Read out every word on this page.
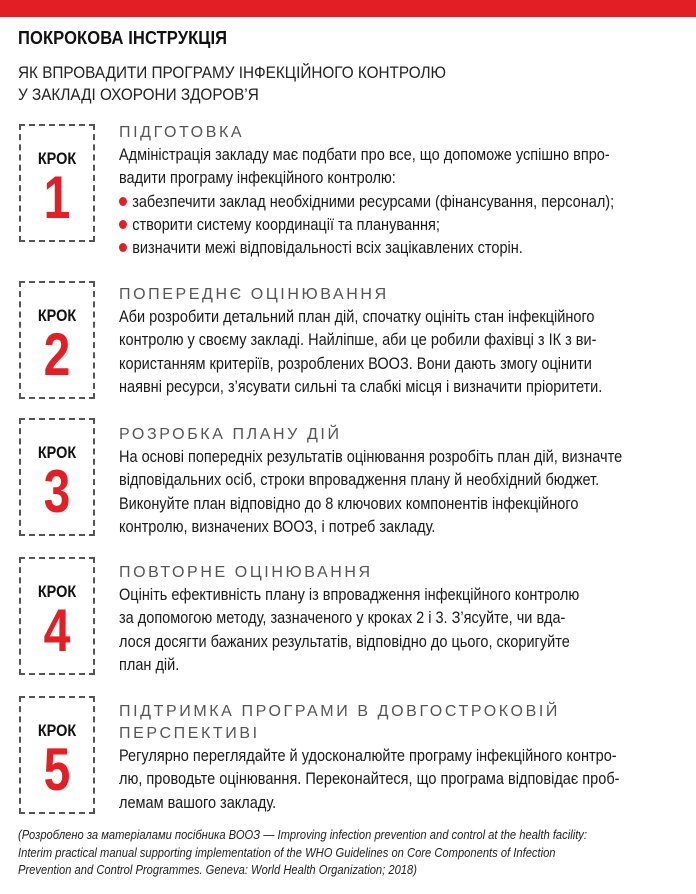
ПОКРОКОВА ІНСТРУКЦІЯ
ЯК ВПРОВАДИТИ ПРОГРАМУ ІНФЕКЦІЙНОГО КОНТРОЛЮ
У ЗАКЛАДІ ОХОРОНИ ЗДОРОВ’Я
КРОК
1
ПІДГОТОВКА
Адміністрація закладу має подбати про все, що допоможе успішно впро-
вадити програму інфекційного контролю:
забезпечити заклад необхідними ресурсами (фінансування, персонал);
створити систему координації та планування;
визначити межі відповідальності всіх зацікавлених сторін.
КРОК
2
ПОПЕРЕДНЄ ОЦІНЮВАННЯ
Аби розробити детальний план дій, спочатку оцініть стан інфекційного
контролю у своєму закладі. Найліпше, аби це робили фахівці з ІК з ви-
користанням критеріїв, розроблених ВООЗ. Вони дають змогу оцінити
наявні ресурси, з’ясувати сильні та слабкі місця і визначити пріоритети.
КРОК
3
РОЗРОБКА ПЛАНУ ДІЙ
На основі попередніх результатів оцінювання розробіть план дій, визначте
відповідальних осіб, строки впровадження плану й необхідний бюджет.
Виконуйте план відповідно до 8 ключових компонентів інфекційного
контролю, визначених ВООЗ, і потреб закладу.
КРОК
4
ПОВТОРНЕ ОЦІНЮВАННЯ
Оцініть ефективність плану із впровадження інфекційного контролю
за допомогою методу, зазначеного у кроках 2 і 3. З’ясуйте, чи вда-
лося досягти бажаних результатів, відповідно до цього, скоригуйте
план дій.
КРОК
5
ПІДТРИМКА ПРОГРАМИ В ДОВГОСТРОКОВІЙ
ПЕРСПЕКТИВІ
Регулярно переглядайте й удосконалюйте програму інфекційного контро-
лю, проводьте оцінювання. Переконайтеся, що програма відповідає проб-
лемам вашого закладу.
(Розроблено за матеріалами посібника ВООЗ — Improving infection prevention and control at the health facility:
Interim practical manual supporting implementation of the WHO Guidelines on Core Components of Infection
Prevention and Control Programmes. Geneva: World Health Organization; 2018)
